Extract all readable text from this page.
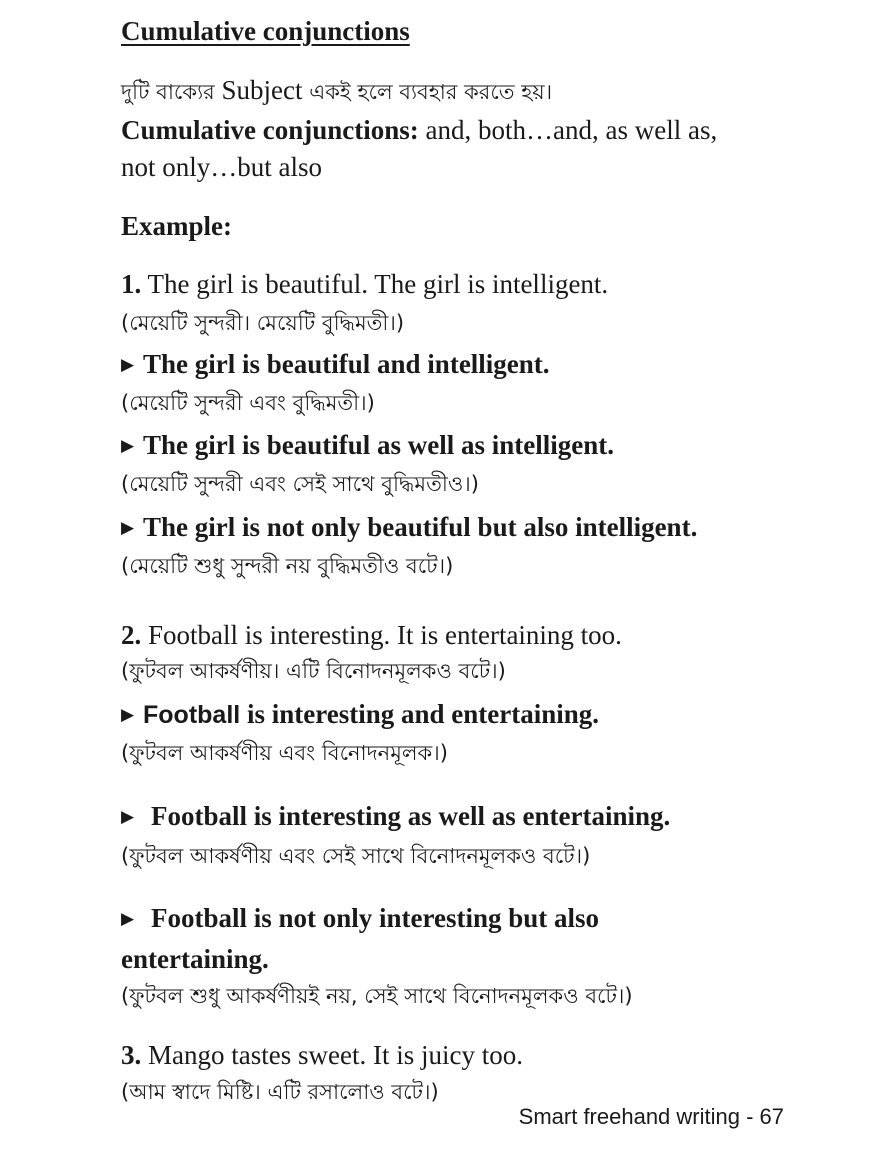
Cumulative conjunctions
দুটি বাক্যের Subject একই হলে ব্যবহার করতে হয়।
Cumulative conjunctions: and, both…and, as well as,
not only…but also
Example:
1. The girl is beautiful. The girl is intelligent.
(মেয়েটি সুন্দরী। মেয়েটি বুদ্ধিমতী।)
▶ The girl is beautiful and intelligent.
(মেয়েটি সুন্দরী এবং বুদ্ধিমতী।)
▶ The girl is beautiful as well as intelligent.
(মেয়েটি সুন্দরী এবং সেই সাথে বুদ্ধিমতীও।)
▶ The girl is not only beautiful but also intelligent.
(মেয়েটি শুধু সুন্দরী নয় বুদ্ধিমতীও বটে।)
2. Football is interesting. It is entertaining too.
(ফুটবল আকর্ষণীয়। এটি বিনোদনমূলকও বটে।)
▶ Football is interesting and entertaining.
(ফুটবল আকর্ষণীয় এবং বিনোদনমূলক।)
▶ Football is interesting as well as entertaining.
(ফুটবল আকর্ষণীয় এবং সেই সাথে বিনোদনমূলকও বটে।)
▶ Football is not only interesting but also
entertaining.
(ফুটবল শুধু আকর্ষণীয়ই নয়, সেই সাথে বিনোদনমূলকও বটে।)
3. Mango tastes sweet. It is juicy too.
(আম স্বাদে মিষ্টি। এটি রসালোও বটে।)
Smart freehand writing - 67
